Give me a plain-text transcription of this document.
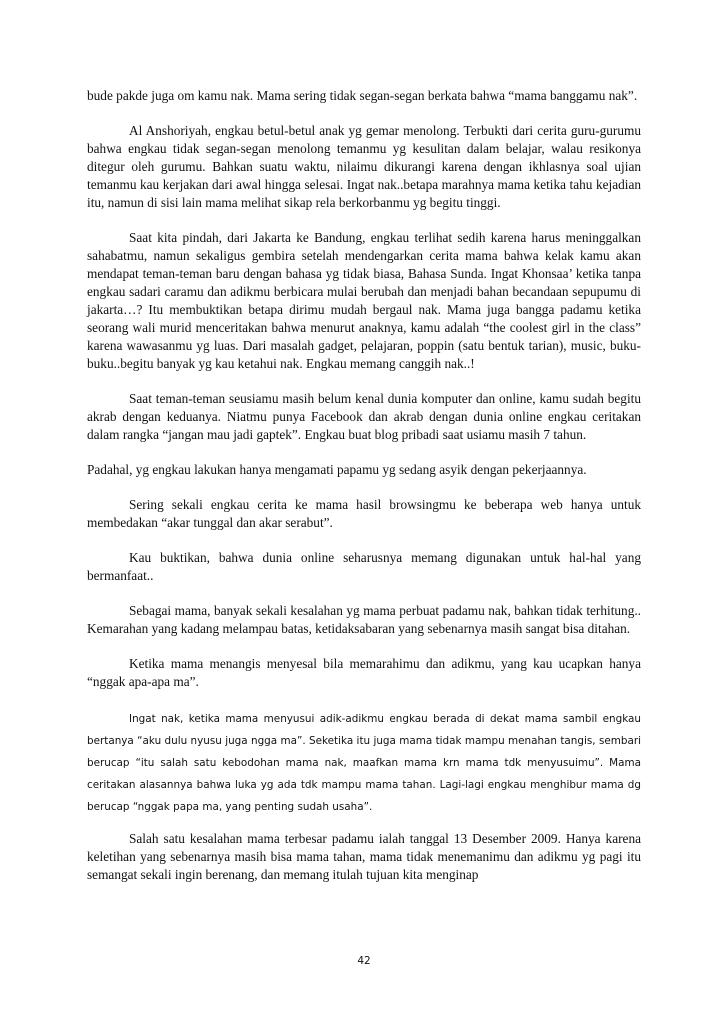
bude pakde juga om kamu nak. Mama sering tidak segan-segan berkata bahwa “mama banggamu nak”.

Al Anshoriyah, engkau betul-betul anak yg gemar menolong. Terbukti dari cerita guru-gurumu bahwa engkau tidak segan-segan menolong temanmu yg kesulitan dalam belajar, walau resikonya ditegur oleh gurumu. Bahkan suatu waktu, nilaimu dikurangi karena dengan ikhlasnya soal ujian temanmu kau kerjakan dari awal hingga selesai. Ingat nak..betapa marahnya mama ketika tahu kejadian itu, namun di sisi lain mama melihat sikap rela berkorbanmu yg begitu tinggi.

Saat kita pindah, dari Jakarta ke Bandung, engkau terlihat sedih karena harus meninggalkan sahabatmu, namun sekaligus gembira setelah mendengarkan cerita mama bahwa kelak kamu akan mendapat teman-teman baru dengan bahasa yg tidak biasa, Bahasa Sunda. Ingat Khonsaa’ ketika tanpa engkau sadari caramu dan adikmu berbicara mulai berubah dan menjadi bahan becandaan sepupumu di jakarta…? Itu membuktikan betapa dirimu mudah bergaul nak. Mama juga bangga padamu ketika seorang wali murid menceritakan bahwa menurut anaknya, kamu adalah “the coolest girl in the class” karena wawasanmu yg luas. Dari masalah gadget, pelajaran, poppin (satu bentuk tarian), music, buku-buku..begitu banyak yg kau ketahui nak. Engkau memang canggih nak..!

Saat teman-teman seusiamu masih belum kenal dunia komputer dan online, kamu sudah begitu akrab dengan keduanya. Niatmu punya Facebook dan akrab dengan dunia online engkau ceritakan dalam rangka “jangan mau jadi gaptek”. Engkau buat blog pribadi saat usiamu masih 7 tahun.

Padahal, yg engkau lakukan hanya mengamati papamu yg sedang asyik dengan pekerjaannya.

Sering sekali engkau cerita ke mama hasil browsingmu ke beberapa web hanya untuk membedakan “akar tunggal dan akar serabut”.

Kau buktikan, bahwa dunia online seharusnya memang digunakan untuk hal-hal yang bermanfaat..

Sebagai mama, banyak sekali kesalahan yg mama perbuat padamu nak, bahkan tidak terhitung.. Kemarahan yang kadang melampau batas, ketidaksabaran yang sebenarnya masih sangat bisa ditahan.

Ketika mama menangis menyesal bila memarahimu dan adikmu, yang kau ucapkan hanya “nggak apa-apa ma”.

Ingat nak, ketika mama menyusui adik-adikmu engkau berada di dekat mama sambil engkau bertanya “aku dulu nyusu juga ngga ma”. Seketika itu juga mama tidak mampu menahan tangis, sembari berucap “itu salah satu kebodohan mama nak, maafkan mama krn mama tdk menyusuimu”. Mama ceritakan alasannya bahwa luka yg ada tdk mampu mama tahan. Lagi-lagi engkau menghibur mama dg berucap “nggak papa ma, yang penting sudah usaha”.

Salah satu kesalahan mama terbesar padamu ialah tanggal 13 Desember 2009. Hanya karena keletihan yang sebenarnya masih bisa mama tahan, mama tidak menemanimu dan adikmu yg pagi itu semangat sekali ingin berenang, dan memang itulah tujuan kita menginap

42
